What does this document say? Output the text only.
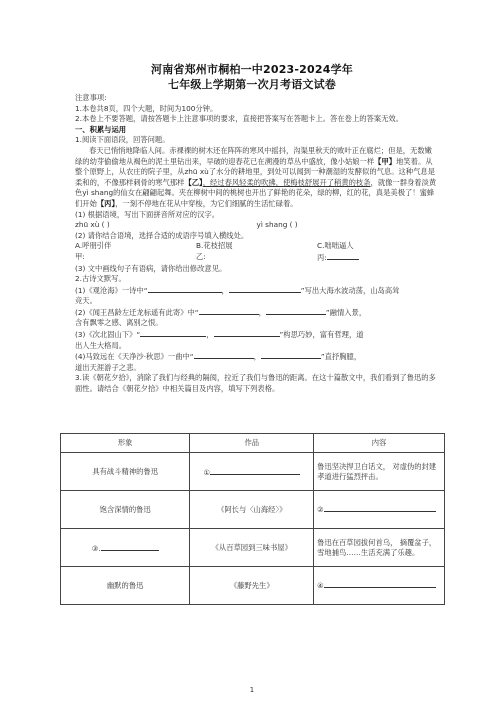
河南省郑州市桐柏一中2023-2024学年
七年级上学期第一次月考语文试卷

注意事项:

1.本卷共8页，四个大题，时间为100分钟。

2.本卷上不要答题，请按答题卡上注意事项的要求，直接把答案写在答题卡上。答在卷上的答案无效。

一、积累与运用

1.阅读下面语段，回答问题。

春天已悄悄地降临人间。赤裸裸的树木还在阵阵的寒风中摇抖，沟渠里秋天的败叶正在腐烂；但是，无数嫩绿的幼芽偷偷地从褐色的泥土里钻出来，早破的迎春花已在溯漫的草丛中盛放，像小姑娘一样【甲】地笑着。从整个原野上，从农庄的院子里，从zhū xù了水分的耕地里，到处可以闻到一种潮湿的发酵似的气息。这种气息是柔和的，不像那样刺骨的寒气那样【乙】，经过春风轻柔的吹拂，使梅枝舒展开了稍黄的枝条，就像一群身着淡黄色yì shang的仙女在翩翩起舞。夹在柳树中间的桃树也开出了鲜艳的花朵，绿的柳，红的花，真是美极了！蜜蜂们开始【丙】，一刻不停地在花从中穿梭，为它们细腻的生活忙碌着。

(1) 根据语境，写出下面拼音所对应的汉字。

zhū xù ( )	yì shang ( )

(2) 请你结合语境，选择合适的成语序号填入横线处。

A.呼朋引伴	B.花枝招展	C.咄咄逼人

甲:	乙:	丙:

(3) 文中画线句子有语病，请你给出修改意见。

2.古诗文默写。

(1)《观沧海》一诗中“	，	”写出大海水波动荡，山岛高耸

竞天。

(2)《闻王昌龄左迁龙标遥有此寄》中“	，	”融情入景，

含有飘零之感、离别之恨。

(3)《次北固山下》“	，	”构思巧妙，富有哲理，道

出人生大格局。

(4)马致远在《天净沙·秋思》一曲中“	，	”直抒胸臆，

道出天涯游子之悲。

3.读《朝花夕拾》，消除了我们与经典的隔阂，拉近了我们与鲁迅的距离。在这十篇散文中，我们看到了鲁迅的多面性。请结合《朝花夕拾》中相关篇目及内容，填写下列表格。

形象	作品	内容
具有战斗精神的鲁迅	①	鲁迅坚决捍卫白话文， 对虚伪的封建孝道进行猛烈抨击。
饱含深情的鲁迅	《阿长与〈山海经〉》	②
③.	《从百草园到三味书屋》	鲁迅在百草园拔何首乌， 摘覆盆子，雪地捕鸟……生活充满了乐趣。
幽默的鲁迅	《藤野先生》	④
1
